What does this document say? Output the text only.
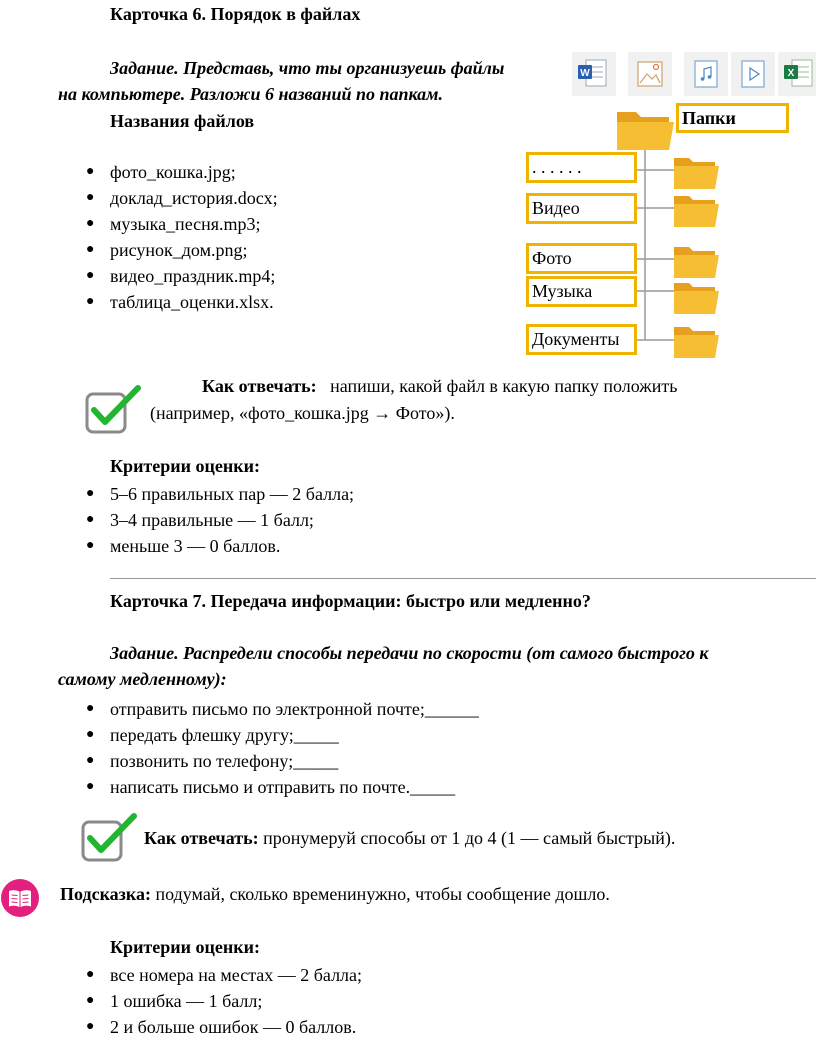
Карточка 6. Порядок в файлах
Задание. Представь, что ты организуешь файлы
на компьютере. Разложи 6 названий по папкам.
Названия файлов
● фото_кошка.jpg;
● доклад_история.docx;
● музыка_песня.mp3;
● рисунок_дом.png;
● видео_праздник.mp4;
● таблица_оценки.xlsx.
W	X
Папки
. . . . . .
Видео
Фото
Музыка
Документы
Как отвечать: напиши, какой файл в какую папку положить
(например, «фото_кошка.jpg → Фото»).
Критерии оценки:
● 5–6 правильных пар — 2 балла;
● 3–4 правильные — 1 балл;
● меньше 3 — 0 баллов.
Карточка 7. Передача информации: быстро или медленно?
Задание. Распредели способы передачи по скорости (от самого быстрого к
самому медленному):
● отправить письмо по электронной почте;______
● передать флешку другу;_____
● позвонить по телефону;_____
● написать письмо и отправить по почте._____
Как отвечать: пронумеруй способы от 1 до 4 (1 — самый быстрый).
Подсказка: подумай, сколько временинужно, чтобы сообщение дошло.
Критерии оценки:
● все номера на местах — 2 балла;
● 1 ошибка — 1 балл;
● 2 и больше ошибок — 0 баллов.
